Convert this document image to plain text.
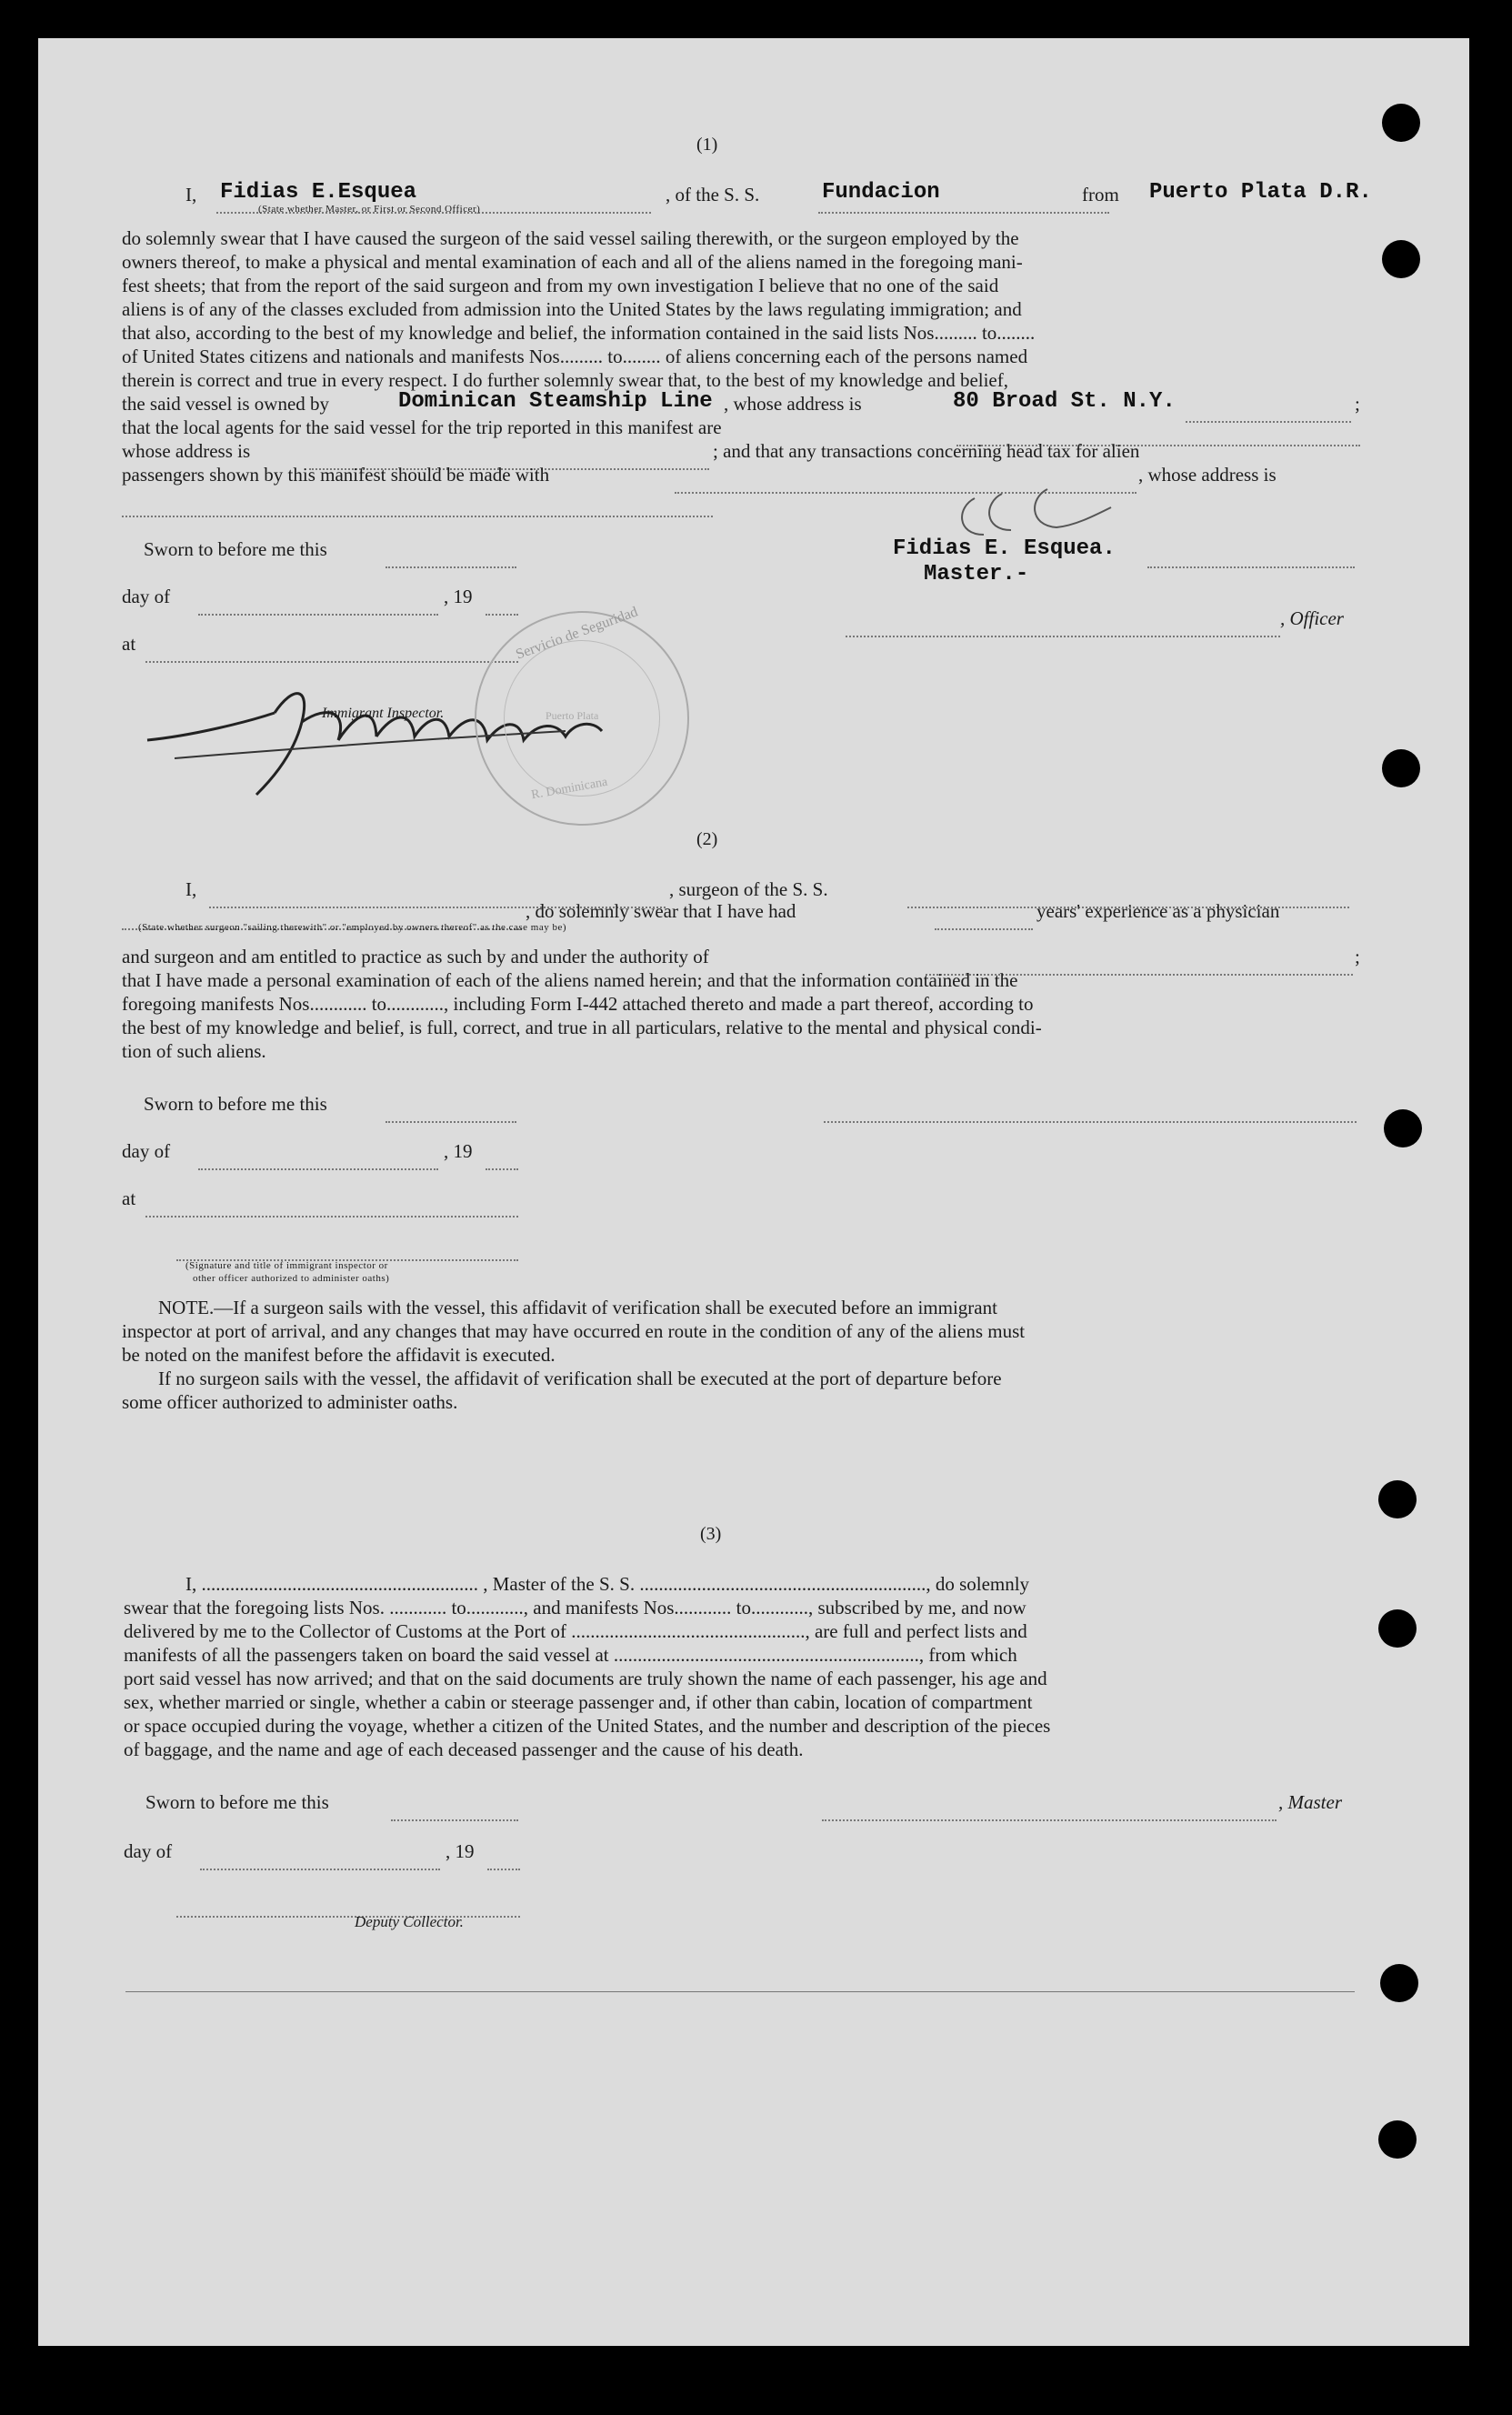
(1)
I, Fidias E.Esquea	, of the S. S.	Fundacion	from Puerto Plata D.R.
(State whether Master, or First or Second Officer)
do solemnly swear that I have caused the surgeon of the said vessel sailing therewith, or the surgeon employed by the
owners thereof, to make a physical and mental examination of each and all of the aliens named in the foregoing mani-
fest sheets; that from the report of the said surgeon and from my own investigation I believe that no one of the said
aliens is of any of the classes excluded from admission into the United States by the laws regulating immigration; and
that also, according to the best of my knowledge and belief, the information contained in the said lists Nos......... to........
of United States citizens and nationals and manifests Nos......... to........ of aliens concerning each of the persons named
therein is correct and true in every respect. I do further solemnly swear that, to the best of my knowledge and belief,
the said vessel is owned by	Dominican Steamship Line , whose address is	80 Broad St. N.Y.	;
that the local agents for the said vessel for the trip reported in this manifest are
whose address is	; and that any transactions concerning head tax for alien
passengers shown by this manifest should be made with	, whose address is
Sworn to before me this
day of	, 19
at
Immigrant Inspector.
Servicio de Seguridad
Puerto Plata
R. Dominicana
Fidias E. Esquea.
Master.-
, Officer
(2)
I,	, surgeon of the S. S.
, do solemnly swear that I have had	years' experience as a physician
(State whether surgeon "sailing therewith" or "employed by owners thereof" as the case may be)
and surgeon and am entitled to practice as such by and under the authority of	;
that I have made a personal examination of each of the aliens named herein; and that the information contained in the
foregoing manifests Nos............ to............, including Form I-442 attached thereto and made a part thereof, according to
the best of my knowledge and belief, is full, correct, and true in all particulars, relative to the mental and physical condi-
tion of such aliens.
Sworn to before me this
day of	, 19
at
(Signature and title of immigrant inspector or
other officer authorized to administer oaths)
NOTE.—If a surgeon sails with the vessel, this affidavit of verification shall be executed before an immigrant
inspector at port of arrival, and any changes that may have occurred en route in the condition of any of the aliens must
be noted on the manifest before the affidavit is executed.
If no surgeon sails with the vessel, the affidavit of verification shall be executed at the port of departure before
some officer authorized to administer oaths.
(3)
I, .......................................................... , Master of the S. S. ............................................................, do solemnly
swear that the foregoing lists Nos. ............ to............, and manifests Nos............ to............, subscribed by me, and now
delivered by me to the Collector of Customs at the Port of ................................................., are full and perfect lists and
manifests of all the passengers taken on board the said vessel at ................................................................, from which
port said vessel has now arrived; and that on the said documents are truly shown the name of each passenger, his age and
sex, whether married or single, whether a cabin or steerage passenger and, if other than cabin, location of compartment
or space occupied during the voyage, whether a citizen of the United States, and the number and description of the pieces
of baggage, and the name and age of each deceased passenger and the cause of his death.
Sworn to before me this	, Master
day of	, 19
Deputy Collector.
